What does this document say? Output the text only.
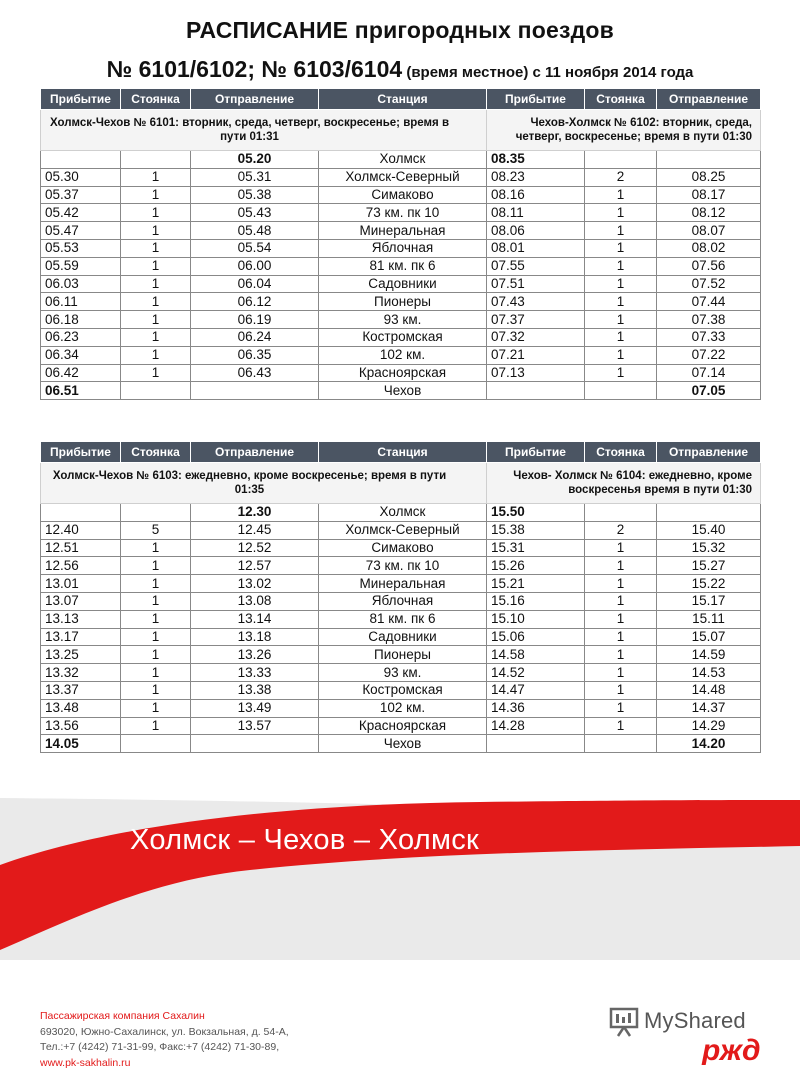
РАСПИСАНИЕ пригородных поездов
№ 6101/6102; № 6103/6104 (время местное) с 11 ноября 2014 года
Прибытие	Стоянка	Отправление	Станция	Прибытие	Стоянка	Отправление
Холмск-Чехов № 6101: вторник, среда, четверг, воскресенье; время в пути 01:31				Чехов-Холмск № 6102: вторник, среда, четверг, воскресенье; время в пути 01:30		
		05.20	Холмск	08.35		
05.30	1	05.31	Холмск-Северный	08.23	2	08.25
05.37	1	05.38	Симаково	08.16	1	08.17
05.42	1	05.43	73 км. пк 10	08.11	1	08.12
05.47	1	05.48	Минеральная	08.06	1	08.07
05.53	1	05.54	Яблочная	08.01	1	08.02
05.59	1	06.00	81 км. пк 6	07.55	1	07.56
06.03	1	06.04	Садовники	07.51	1	07.52
06.11	1	06.12	Пионеры	07.43	1	07.44
06.18	1	06.19	93 км.	07.37	1	07.38
06.23	1	06.24	Костромская	07.32	1	07.33
06.34	1	06.35	102 км.	07.21	1	07.22
06.42	1	06.43	Красноярская	07.13	1	07.14
06.51			Чехов			07.05
Прибытие	Стоянка	Отправление	Станция	Прибытие	Стоянка	Отправление
Холмск-Чехов № 6103: ежедневно, кроме воскресенье; время в пути 01:35				Чехов- Холмск № 6104: ежедневно, кроме воскресенья время в пути 01:30		
		12.30	Холмск	15.50		
12.40	5	12.45	Холмск-Северный	15.38	2	15.40
12.51	1	12.52	Симаково	15.31	1	15.32
12.56	1	12.57	73 км. пк 10	15.26	1	15.27
13.01	1	13.02	Минеральная	15.21	1	15.22
13.07	1	13.08	Яблочная	15.16	1	15.17
13.13	1	13.14	81 км. пк 6	15.10	1	15.11
13.17	1	13.18	Садовники	15.06	1	15.07
13.25	1	13.26	Пионеры	14.58	1	14.59
13.32	1	13.33	93 км.	14.52	1	14.53
13.37	1	13.38	Костромская	14.47	1	14.48
13.48	1	13.49	102 км.	14.36	1	14.37
13.56	1	13.57	Красноярская	14.28	1	14.29
14.05			Чехов			14.20
Холмск – Чехов – Холмск
Пассажирская компания Сахалин
693020, Южно-Сахалинск, ул. Вокзальная, д. 54-А,
Тел.:+7 (4242) 71-31-99, Факс:+7 (4242) 71-30-89,
www.pk-sakhalin.ru
MyShared
ржд
